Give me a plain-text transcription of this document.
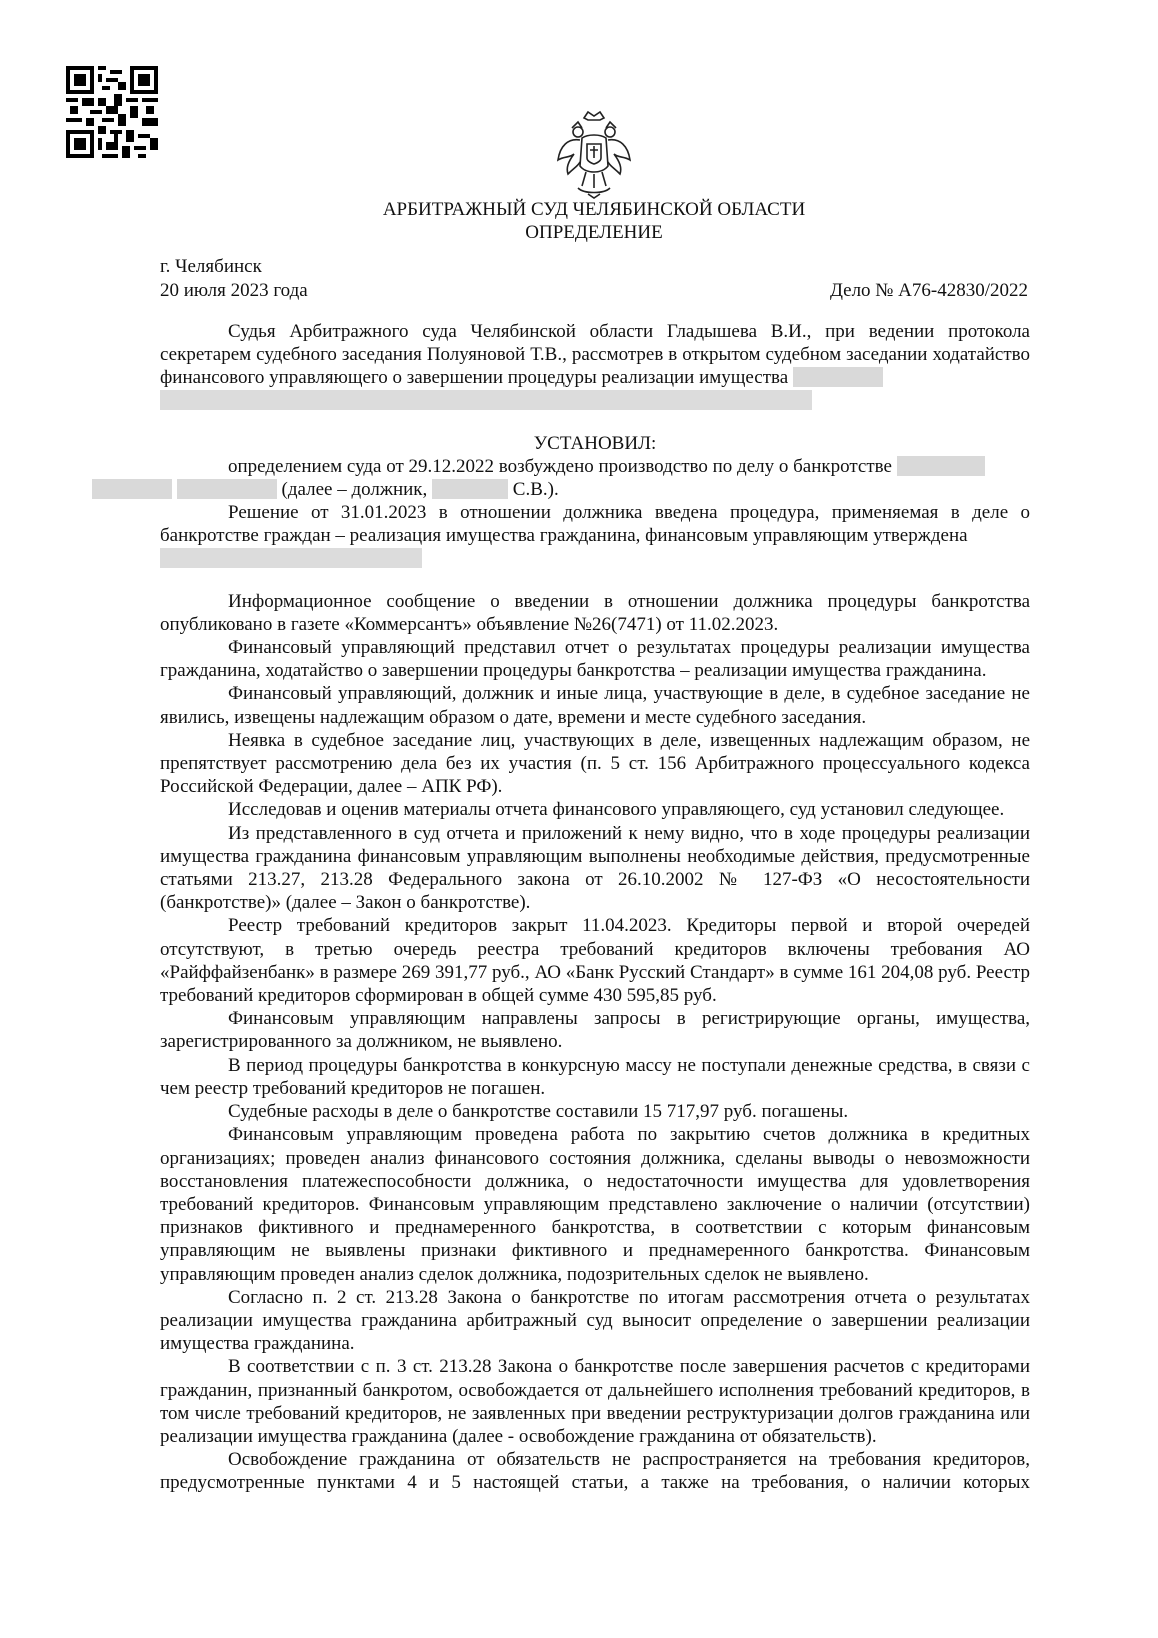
АРБИТРАЖНЫЙ СУД ЧЕЛЯБИНСКОЙ ОБЛАСТИ
ОПРЕДЕЛЕНИЕ
г. Челябинск
20 июля 2023 года	Дело № А76-42830/2022

Судья Арбитражного суда Челябинской области Гладышева В.И., при ведении протокола секретарем судебного заседания Полуяновой Т.В., рассмотрев в открытом судебном заседании ходатайство финансового управляющего о завершении процедуры реализации имущества

УСТАНОВИЛ:

определением суда от 29.12.2022 возбуждено производство по делу о банкротстве
(далее – должник,	С.В.).

Решение от 31.01.2023 в отношении должника введена процедура, применяемая в деле о банкротстве граждан – реализация имущества гражданина, финансовым управляющим утверждена

Информационное сообщение о введении в отношении должника процедуры банкротства опубликовано в газете «Коммерсантъ» объявление №26(7471) от 11.02.2023.

Финансовый управляющий представил отчет о результатах процедуры реализации имущества гражданина, ходатайство о завершении процедуры банкротства – реализации имущества гражданина.

Финансовый управляющий, должник и иные лица, участвующие в деле, в судебное заседание не явились, извещены надлежащим образом о дате, времени и месте судебного заседания.

Неявка в судебное заседание лиц, участвующих в деле, извещенных надлежащим образом, не препятствует рассмотрению дела без их участия (п. 5 ст. 156 Арбитражного процессуального кодекса Российской Федерации, далее – АПК РФ).

Исследовав и оценив материалы отчета финансового управляющего, суд установил следующее.

Из представленного в суд отчета и приложений к нему видно, что в ходе процедуры реализации имущества гражданина финансовым управляющим выполнены необходимые действия, предусмотренные статьями 213.27, 213.28 Федерального закона от 26.10.2002 № 127-ФЗ «О несостоятельности (банкротстве)» (далее – Закон о банкротстве).

Реестр требований кредиторов закрыт 11.04.2023. Кредиторы первой и второй очередей отсутствуют, в третью очередь реестра требований кредиторов включены требования АО «Райффайзенбанк» в размере 269 391,77 руб., АО «Банк Русский Стандарт» в сумме 161 204,08 руб. Реестр требований кредиторов сформирован в общей сумме 430 595,85 руб.

Финансовым управляющим направлены запросы в регистрирующие органы, имущества, зарегистрированного за должником, не выявлено.

В период процедуры банкротства в конкурсную массу не поступали денежные средства, в связи с чем реестр требований кредиторов не погашен.

Судебные расходы в деле о банкротстве составили 15 717,97 руб. погашены.

Финансовым управляющим проведена работа по закрытию счетов должника в кредитных организациях; проведен анализ финансового состояния должника, сделаны выводы о невозможности восстановления платежеспособности должника, о недостаточности имущества для удовлетворения требований кредиторов. Финансовым управляющим представлено заключение о наличии (отсутствии) признаков фиктивного и преднамеренного банкротства, в соответствии с которым финансовым управляющим не выявлены признаки фиктивного и преднамеренного банкротства. Финансовым управляющим проведен анализ сделок должника, подозрительных сделок не выявлено.

Согласно п. 2 ст. 213.28 Закона о банкротстве по итогам рассмотрения отчета о результатах реализации имущества гражданина арбитражный суд выносит определение о завершении реализации имущества гражданина.

В соответствии с п. 3 ст. 213.28 Закона о банкротстве после завершения расчетов с кредиторами гражданин, признанный банкротом, освобождается от дальнейшего исполнения требований кредиторов, в том числе требований кредиторов, не заявленных при введении реструктуризации долгов гражданина или реализации имущества гражданина (далее - освобождение гражданина от обязательств).

Освобождение гражданина от обязательств не распространяется на требования кредиторов, предусмотренные пунктами 4 и 5 настоящей статьи, а также на требования, о наличии которых
